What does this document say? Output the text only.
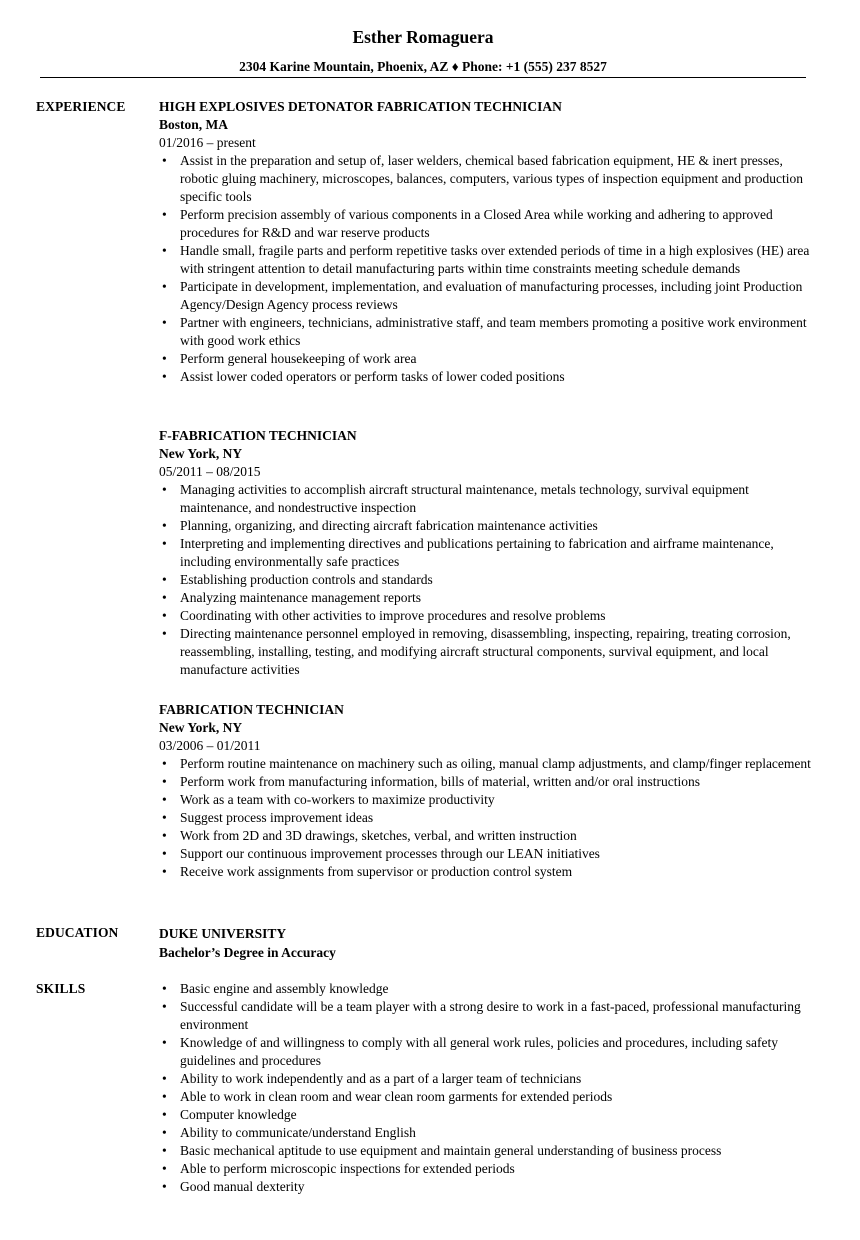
Esther Romaguera
2304 Karine Mountain, Phoenix, AZ ♦ Phone: +1 (555) 237 8527
EXPERIENCE HIGH EXPLOSIVES DETONATOR FABRICATION TECHNICIAN
Boston, MA
01/2016 – present
• Assist in the preparation and setup of, laser welders, chemical based fabrication equipment, HE & inert presses, robotic gluing machinery, microscopes, balances, computers, various types of inspection equipment and production specific tools
• Perform precision assembly of various components in a Closed Area while working and adhering to approved procedures for R&D and war reserve products
• Handle small, fragile parts and perform repetitive tasks over extended periods of time in a high explosives (HE) area with stringent attention to detail manufacturing parts within time constraints meeting schedule demands
• Participate in development, implementation, and evaluation of manufacturing processes, including joint Production Agency/Design Agency process reviews
• Partner with engineers, technicians, administrative staff, and team members promoting a positive work environment with good work ethics
• Perform general housekeeping of work area
• Assist lower coded operators or perform tasks of lower coded positions
F-FABRICATION TECHNICIAN
New York, NY
05/2011 – 08/2015
• Managing activities to accomplish aircraft structural maintenance, metals technology, survival equipment maintenance, and nondestructive inspection
• Planning, organizing, and directing aircraft fabrication maintenance activities
• Interpreting and implementing directives and publications pertaining to fabrication and airframe maintenance, including environmentally safe practices
• Establishing production controls and standards
• Analyzing maintenance management reports
• Coordinating with other activities to improve procedures and resolve problems
• Directing maintenance personnel employed in removing, disassembling, inspecting, repairing, treating corrosion, reassembling, installing, testing, and modifying aircraft structural components, survival equipment, and local manufacture activities
FABRICATION TECHNICIAN
New York, NY
03/2006 – 01/2011
• Perform routine maintenance on machinery such as oiling, manual clamp adjustments, and clamp/finger replacement
• Perform work from manufacturing information, bills of material, written and/or oral instructions
• Work as a team with co-workers to maximize productivity
• Suggest process improvement ideas
• Work from 2D and 3D drawings, sketches, verbal, and written instruction
• Support our continuous improvement processes through our LEAN initiatives
• Receive work assignments from supervisor or production control system
EDUCATION	DUKE UNIVERSITY
Bachelor’s Degree in Accuracy
SKILLS
•	Basic engine and assembly knowledge
• Successful candidate will be a team player with a strong desire to work in a fast-paced, professional manufacturing environment
• Knowledge of and willingness to comply with all general work rules, policies and procedures, including safety guidelines and procedures
• Ability to work independently and as a part of a larger team of technicians
• Able to work in clean room and wear clean room garments for extended periods
• Computer knowledge
• Ability to communicate/understand English
• Basic mechanical aptitude to use equipment and maintain general understanding of business process
• Able to perform microscopic inspections for extended periods
• Good manual dexterity
